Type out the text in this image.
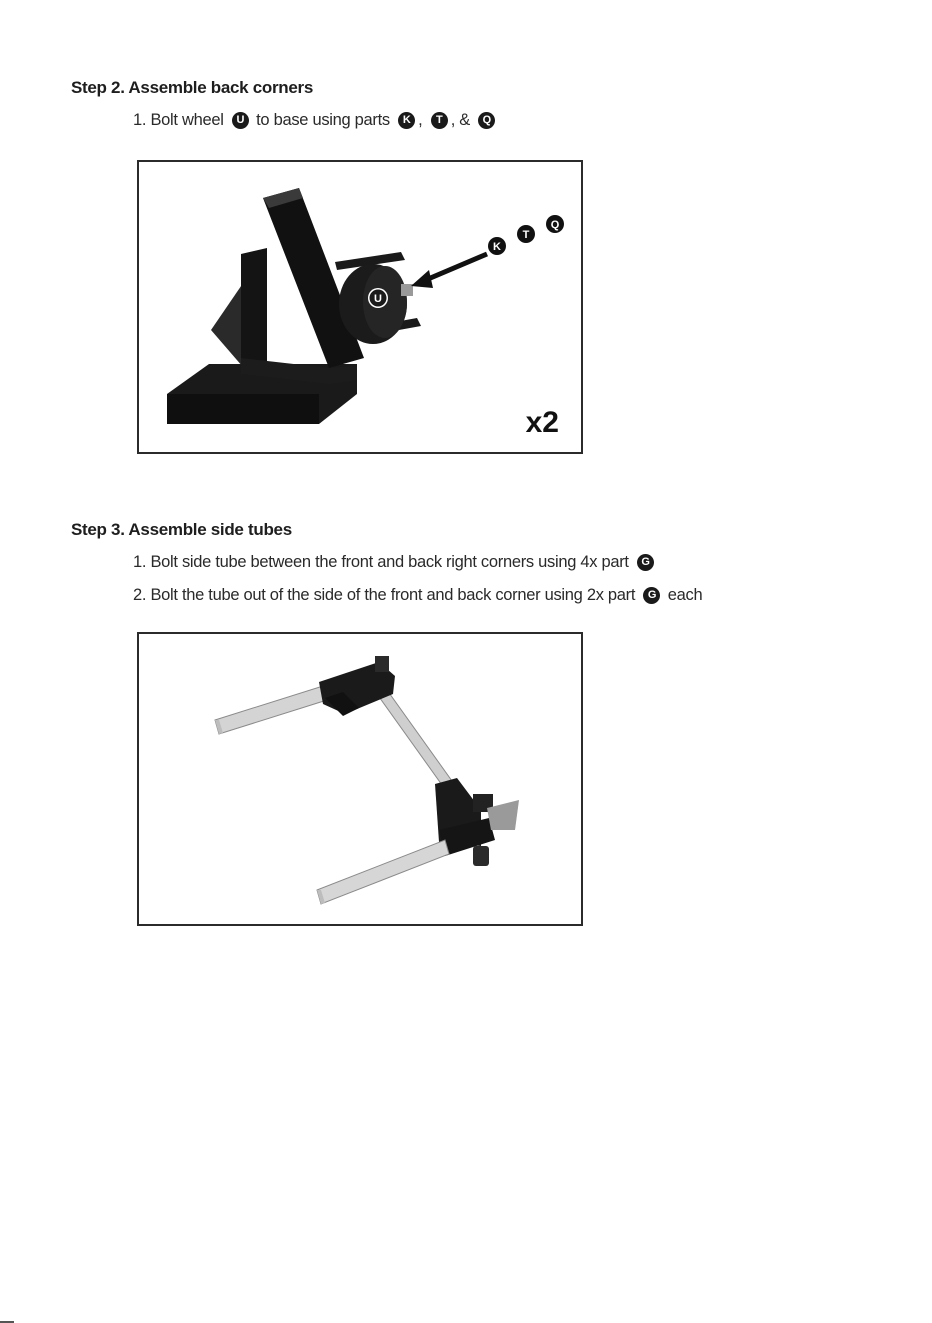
Step 2. Assemble back corners
1. Bolt wheel U to base using parts K , T , & Q
U
K
T
Q
x2
Step 3. Assemble side tubes
1. Bolt side tube between the front and back right corners using 4x part G
2. Bolt the tube out of the side of the front and back corner using 2x part G each
